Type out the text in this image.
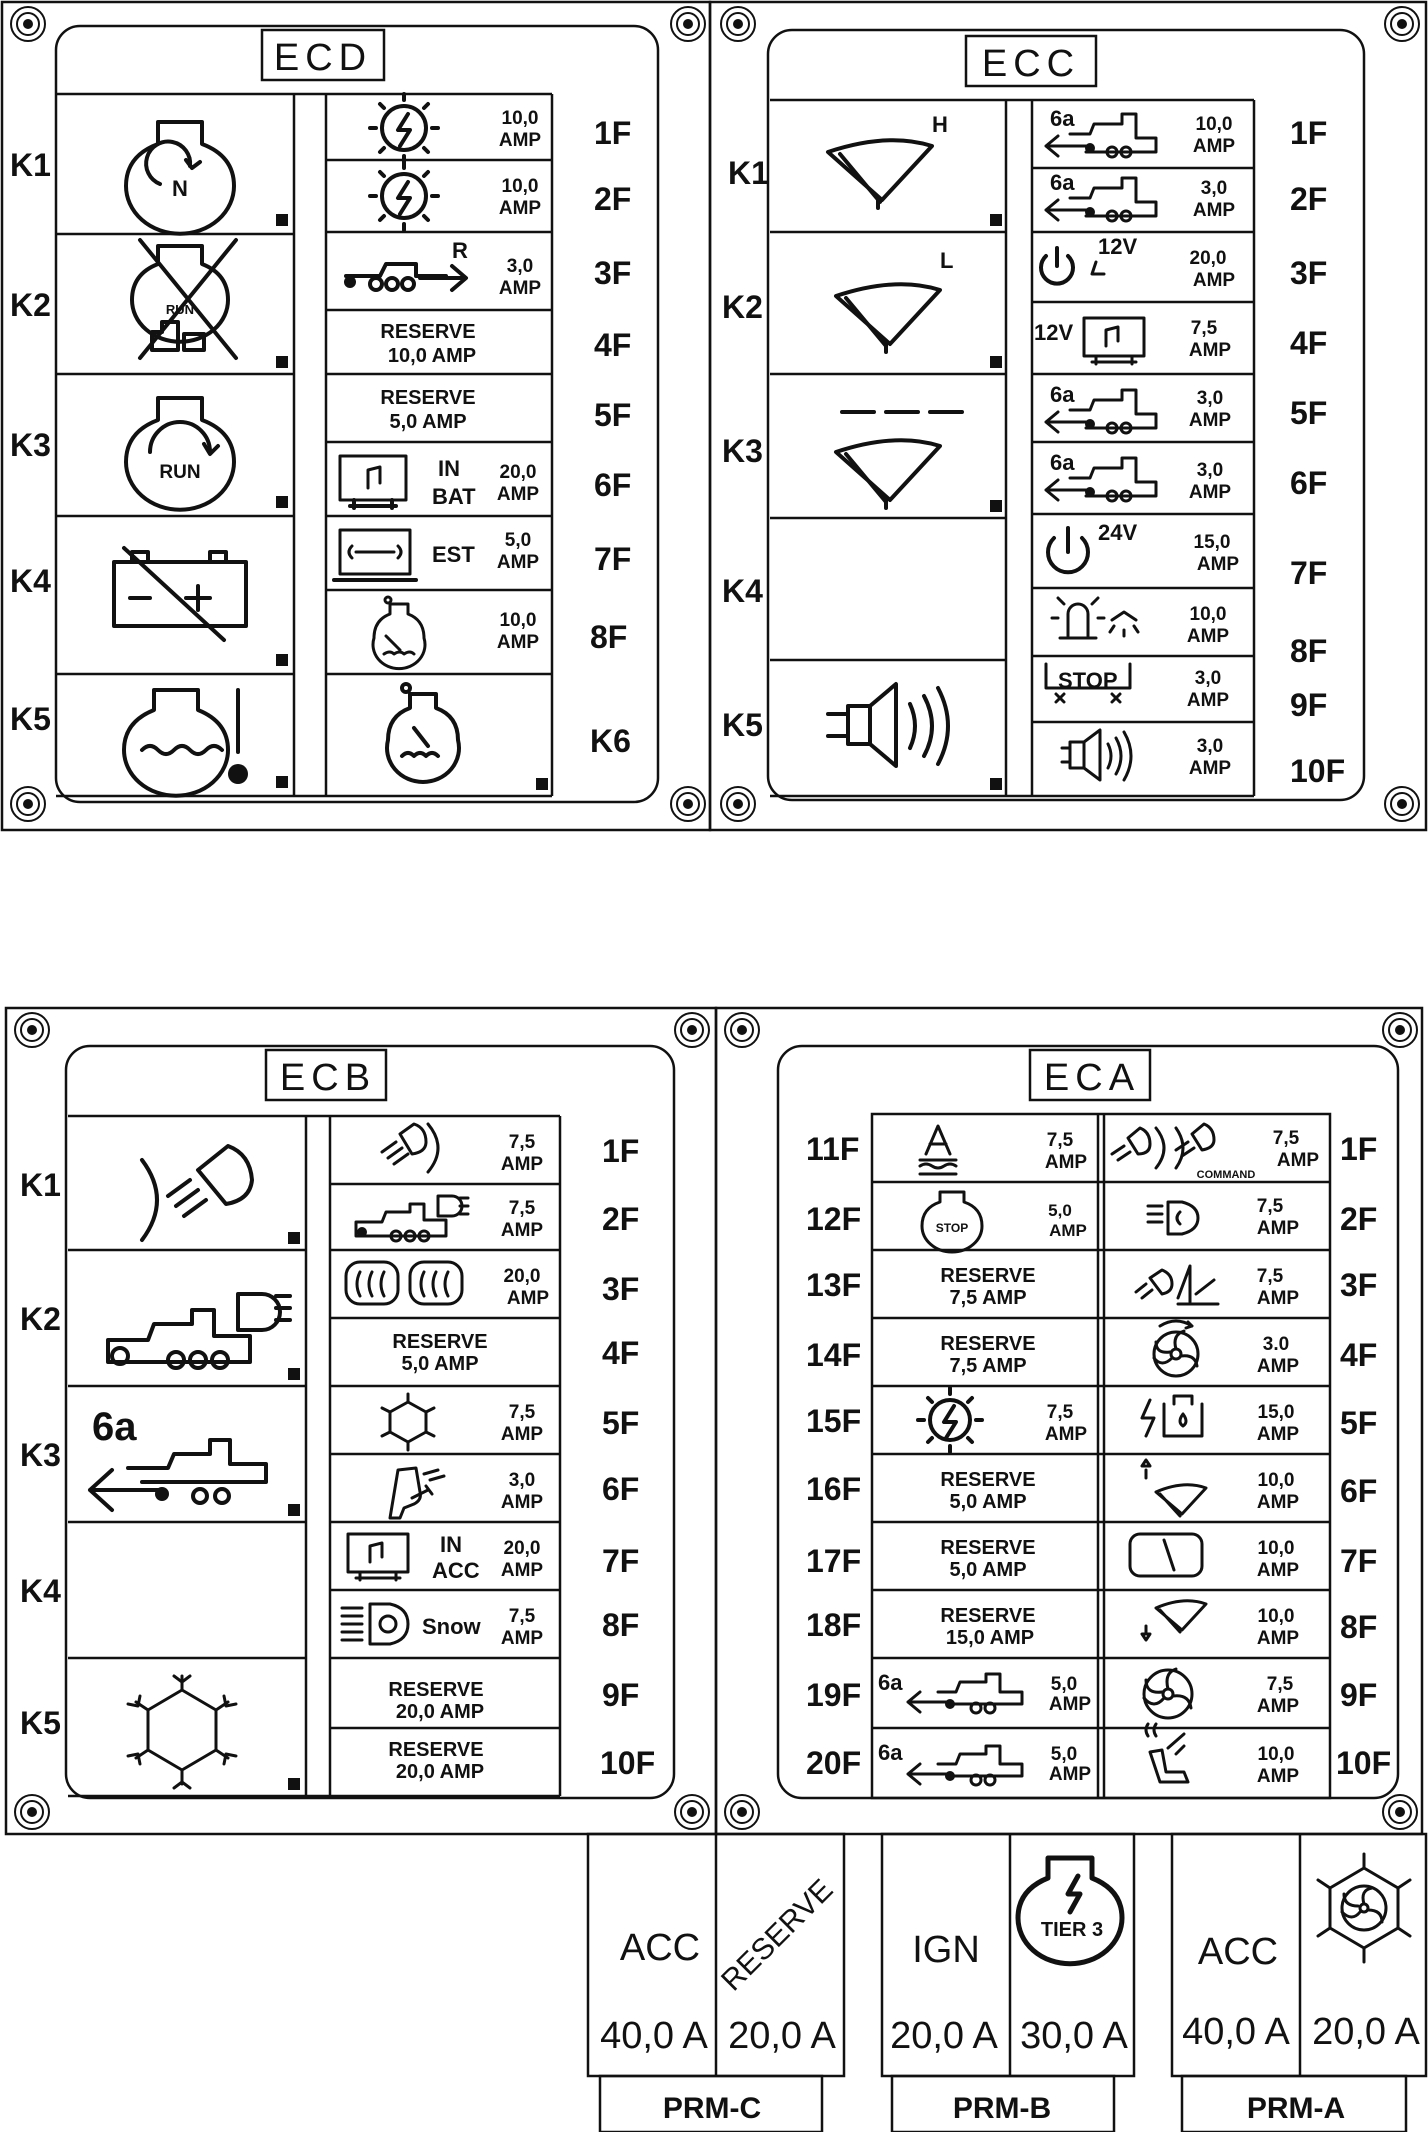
ECD
K1
K2
K3
K4
K5
N
RUN
RUN
10,0
AMP
10,0
AMP
R
3,0
AMP
RESERVE
10,0 AMP
RESERVE
5,0 AMP
IN
BAT
20,0
AMP
EST
5,0
AMP
10,0
AMP
1F
2F
3F
4F
5F
6F
7F
8F
K6
ECC
K1
K2
K3
K4
K5
H
L
6a
6a
6a
6a
12V
12V
24V
STOP
10,0
AMP
3,0
AMP
20,0
AMP
7,5
AMP
3,0
AMP
3,0
AMP
15,0
AMP
10,0
AMP
3,0
AMP
3,0
AMP
1F
2F
3F
4F
5F
6F
7F
8F
9F
10F
ECB
K1
K2
K3
K4
K5
6a
RESERVE
5,0 AMP
IN
ACC
Snow
RESERVE
20,0 AMP
RESERVE
20,0 AMP
7,5
AMP
7,5
AMP
20,0
AMP
7,5
AMP
3,0
AMP
20,0
AMP
7,5
AMP
1F
2F
3F
4F
5F
6F
7F
8F
9F
10F
ECA
STOP
6a
6a
RESERVE
7,5 AMP
RESERVE
7,5 AMP
RESERVE
5,0 AMP
RESERVE
5,0 AMP
RESERVE
15,0 AMP
7,5
AMP
5,0
AMP
7,5
AMP
5,0
AMP
5,0
AMP
11F
12F
13F
14F
15F
16F
17F
18F
19F
20F
COMMAND
7,5
AMP
7,5
AMP
7,5
AMP
3.0
AMP
15,0
AMP
10,0
AMP
10,0
AMP
10,0
AMP
7,5
AMP
10,0
AMP
1F
2F
3F
4F
5F
6F
7F
8F
9F
10F
ACC
40,0 A
RESERVE
20,0 A
PRM-C
IGN
20,0 A
TIER 3
30,0 A
PRM-B
ACC
40,0 A 20,0 A
PRM-A
